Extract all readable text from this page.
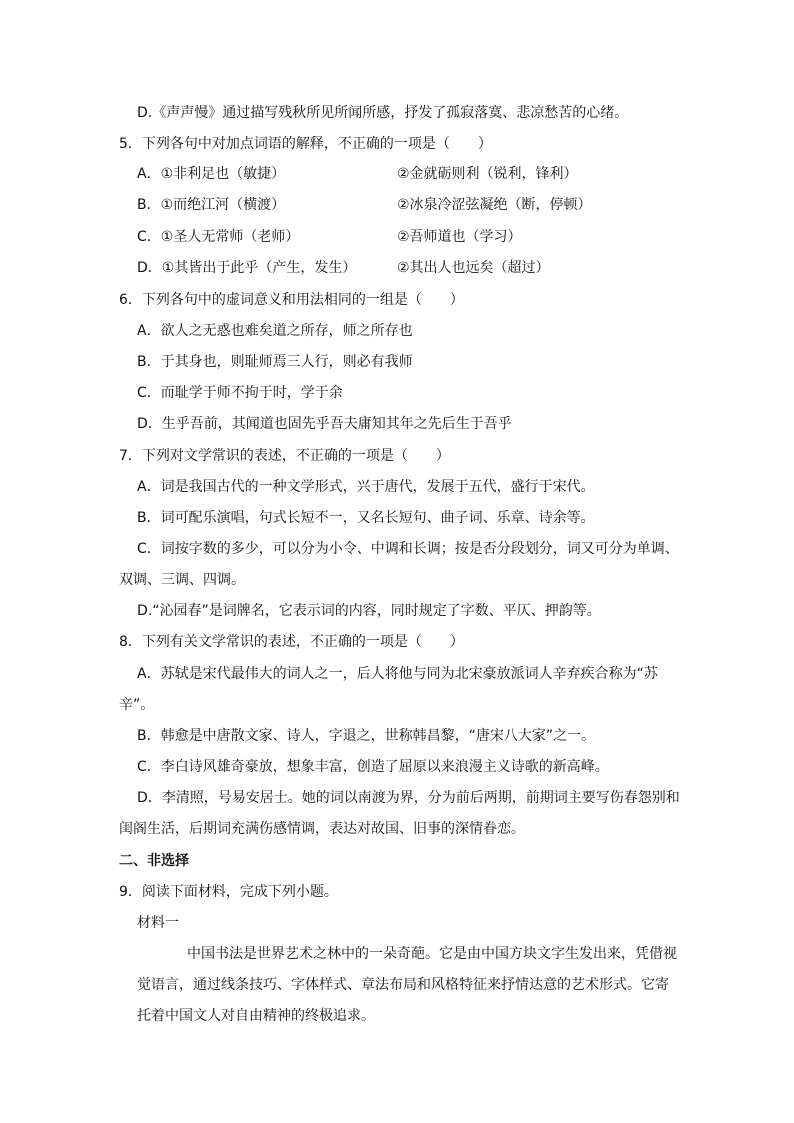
D.《声声慢》通过描写残秋所见所闻所感，抒发了孤寂落寞、悲凉愁苦的心绪。
5．下列各句中对加点词语的解释，不正确的一项是（　　）
A．①非利足也（敏捷）	②金就砺则利（锐利，锋利）
B．①而绝江河（横渡）	②冰泉冷涩弦凝绝（断，停顿）
C．①圣人无常师（老师）	②吾师道也（学习）
D．①其皆出于此乎（产生，发生）	②其出人也远矣（超过）
6．下列各句中的虚词意义和用法相同的一组是（　　）
A．欲人之无惑也难矣道之所存，师之所存也
B．于其身也，则耻师焉三人行，则必有我师
C．而耻学于师不拘于时，学于余
D．生乎吾前，其闻道也固先乎吾夫庸知其年之先后生于吾乎
7．下列对文学常识的表述，不正确的一项是（　　）
A．词是我国古代的一种文学形式，兴于唐代，发展于五代，盛行于宋代。
B．词可配乐演唱，句式长短不一，又名长短句、曲子词、乐章、诗余等。
C．词按字数的多少，可以分为小令、中调和长调；按是否分段划分，词又可分为单调、
双调、三调、四调。
D.“沁园春”是词牌名，它表示词的内容，同时规定了字数、平仄、押韵等。
8．下列有关文学常识的表述，不正确的一项是（　　）
A．苏轼是宋代最伟大的词人之一，后人将他与同为北宋豪放派词人辛弃疾合称为“苏
辛”。
B．韩愈是中唐散文家、诗人，字退之，世称韩昌黎，“唐宋八大家”之一。
C．李白诗风雄奇豪放，想象丰富，创造了屈原以来浪漫主义诗歌的新高峰。
D．李清照，号易安居士。她的词以南渡为界，分为前后两期，前期词主要写伤春怨别和
闺阁生活，后期词充满伤感情调，表达对故国、旧事的深情眷恋。
二、非选择
9．阅读下面材料，完成下列小题。
材料一
中国书法是世界艺术之林中的一朵奇葩。它是由中国方块文字生发出来，凭借视
觉语言，通过线条技巧、字体样式、章法布局和风格特征来抒情达意的艺术形式。它寄
托着中国文人对自由精神的终极追求。
